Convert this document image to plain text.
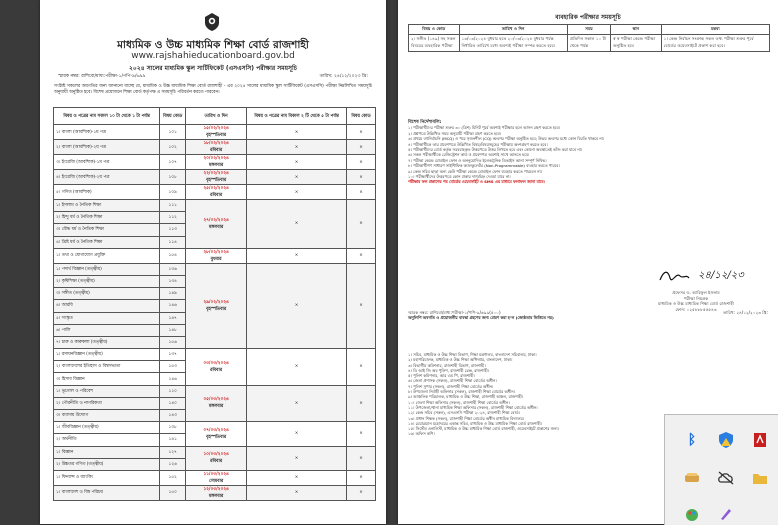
মাধ্যমিক ও উচ্চ মাধ্যমিক শিক্ষা বোর্ড রাজশাহী
www.rajshahieducationboard.gov.bd
২০২৪ সালের মাধ্যমিক স্কুল সার্টিফিকেট (এসএসসি) পরীক্ষার সময়সূচি
স্মারক নম্বর: রাশিবো/মাধ্য:পরীক্ষা-১/পপি-৯/৬৯৯	তারিখ: ২৪/১২/২০২৩ খ্রি:
সংশ্লিষ্ট সকলের অবগতির জন্য জানানো যাচ্ছে যে, মাধ্যমিক ও উচ্চ মাধ্যমিক শিক্ষা বোর্ড রাজশাহী - এর ২০২৪ সালের মাধ্যমিক স্কুল সার্টিফিকেট (এসএসসি) পরীক্ষা নিম্নলিখিত সময়সূচি অনুযায়ী অনুষ্ঠিত হবে। বিশেষ প্রয়োজনে শিক্ষা বোর্ড কর্তৃপক্ষ এ সময়সূচি পরিবর্তন করতে পারবেন।
বিষয় ও পত্রের নাম সকাল ১০ টা থেকে ১ টা পর্যন্ত	বিষয় কোড	তারিখ ও দিন	বিষয় ও পত্রের নাম বিকাল ২ টি থেকে ৫ টা পর্যন্ত	বিষয় কোড
১। বাংলা (আবশ্যিক)-১ম পত্র	১০১	১৫/০২/২০২৪
বৃহস্পতিবার	×	×
২। বাংলা (আবশ্যিক)-২য় পত্র	১০২	১৮/০২/২০২৪
রবিবার	×	×
৩। ইংরেজি (আবশ্যিক)-১ম পত্র	১০৭	২০/০২/২০২৪
মঙ্গলবার	×	×
৪। ইংরেজি (আবশ্যিক)-২য় পত্র	১০৮	২২/০২/২০২৪
বৃহস্পতিবার	×	×
৫। গণিত (আবশ্যিক)	১০৯	২৫/০২/২০২৪
রবিবার	×	×
১। ইসলাম ও নৈতিক শিক্ষা	১১১	২৭/০২/২০২৪
মঙ্গলবার	×	×
২। হিন্দু ধর্ম ও নৈতিক শিক্ষা	১১২			
৩। বৌদ্ধ ধর্ম ও নৈতিক শিক্ষা	১১৩			
৪। খ্রিষ্ট ধর্ম ও নৈতিক শিক্ষা	১১৪			
১। তথ্য ও যোগাযোগ প্রযুক্তি	১৫৪	২৮/০২/২০২৪
বুধবার	×	×
১। পদার্থ বিজ্ঞান (তত্ত্বীয়)	১৩৬	২৯/০২/২০২৪
বৃহস্পতিবার	×	×
২। কৃষিশিক্ষা (তত্ত্বীয়)	১৩৪			
৩। সঙ্গীত (তত্ত্বীয়)	১৪৯			
৪। আরবি	১৪৬			
৫। সংস্কৃত	১৪৭			
৬। পালি	১৪৮			
৭। চারু ও কারুকলা (তত্ত্বীয়)	১৫৬			
১। রসায়নবিজ্ঞান (তত্ত্বীয়)	১৩৭	০৩/০৩/২০২৪
রবিবার	×	×
২। বাংলাদেশের ইতিহাস ও বিশ্বসভ্যতা	১৫৩			
৩। হিসাব বিজ্ঞান	১৪৬			
১। ভূগোল ও পরিবেশ	১১০	০৫/০৩/২০২৪
মঙ্গলবার	×	×
২। পৌরনীতি ও নাগরিকতা	১৪০			
৩। ব্যবসায় উদ্যোগ	১৪৩			
১। জীববিজ্ঞান (তত্ত্বীয়)	১৩৮	০৭/০৩/২০২৪
বৃহস্পতিবার	×	×
২। অর্থনীতি	১৪১			
১। বিজ্ঞান	১২৭	১০/০৩/২০২৪
রবিবার	×	×
২। উচ্চতর গণিত (তত্ত্বীয়)	১২৬			
১। ফিন্যান্স ও ব্যাংকিং	১৫২	১১/০৩/২০২৪
সোমবার	×	×
১। বাংলাদেশ ও বিশ্ব পরিচয়	১৫০	১২/০৩/২০২৪
মঙ্গলবার	×	×
ব্যবহারিক পরীক্ষার সময়সূচি
বিষয় ও কোড	তারিখ ও দিন	সময়	স্থান	মন্তব্য
২। সঙ্গীত (১৪৯) সহ সকল বিষয়ের ব্যবহারিক পরীক্ষা	১৩/০৩/২০২৪ বুধবার হতে ২০/০৩/২০২৪ বুধবার পর্যন্ত নির্ধারিত তারিখে মধ্যে অবশ্যই পরীক্ষা সম্পন্ন করতে হবে।	প্রতিদিন সকাল ১০ টা থেকে পর্যন্ত	স্ব স্ব পরীক্ষা কেন্দ্রে পরীক্ষা অনুষ্ঠিত হবে	১। কেন্দ্র নির্বাচন সংক্রান্ত সকল তথ্য পরীক্ষা শুরুর পূর্বে বোর্ডের ওয়েবসাইটে প্রকাশ করা হবে।
বিশেষ নির্দেশাবলি:
১। পরীক্ষার্থীদের পরীক্ষা শুরুর ৩০ (ত্রিশ) মিনিট পূর্বে অবশ্যই পরীক্ষার হলে আসন গ্রহণ করতে হবে।
২। প্রশ্নপত্রে উল্লিখিত সময় অনুযায়ী পরীক্ষা গ্রহণ করতে হবে।
৩। প্রথমে বহুনির্বাচনি (MCQ) ও পরে সৃজনশীল (CQ) অংশের পরীক্ষা অনুষ্ঠিত হবে; উভয় অংশের মধ্যে কোন বিরতি থাকবে না।
৪। পরীক্ষার্থীকে তার প্রবেশপত্রে উল্লিখিত বিষয়/বিষয়সমূহের পরীক্ষায় অংশগ্রহণ করতে হবে।
৫। পরীক্ষার্থীদের বোর্ড কর্তৃক সরবরাহকৃত উত্তরপত্রে উত্তর লিখতে হবে এবং কোনো অবস্থাতেই ভাঁজ করা যাবে না।
৬। সকল পরীক্ষার্থীকে রেজিস্ট্রেশন কার্ড ও প্রবেশপত্র অবশ্যই সাথে আনতে হবে।
৭। পরীক্ষা কেন্দ্রে মোবাইল ফোন ও অননুমোদিত ইলেকট্রনিক ডিভাইস আনা সম্পূর্ণ নিষিদ্ধ।
৮। পরীক্ষার্থীগণ সাধারণ সাইন্টিফিক ক্যালকুলেটর (Non-Programmable) ব্যবহার করতে পারবে।
৯। কেন্দ্র সচিব ছাড়া অন্য কেউ পরীক্ষা কেন্দ্রে মোবাইল ফোন ব্যবহার করতে পারবেন না।
১০। পরীক্ষার্থীদের উত্তরপত্রে কোন প্রকার দাগ/চিহ্ন দেওয়া যাবে না।
পরীক্ষার ফল প্রকাশের পর বোর্ডের ওয়েবসাইট ও SMS এর মাধ্যমে ফলাফল জানা যাবে।
২৪/১২/২৩
প্রফেসর ড. আরিফুল ইসলাম
পরীক্ষা নিয়ন্ত্রক
মাধ্যমিক ও উচ্চ মাধ্যমিক শিক্ষা বোর্ড রাজশাহী
ফোন: ০২৫৮৮৮৫৫৫৪৩
স্মারক নম্বর: রাশিবো/মাধ্য:পরীক্ষা-১/পপি-৯/৬৯৯(৫০০)	তারিখ: ২৪/১২/২০২৩ খ্রি:
অনুলিপি অবগতি ও প্রয়োজনীয় ব্যবস্থা গ্রহণের জন্য প্রেরণ করা হ’ল (জ্যেষ্ঠতার ভিত্তিতে নয়)
১। সচিব, মাধ্যমিক ও উচ্চ শিক্ষা বিভাগ, শিক্ষা মন্ত্রণালয়, বাংলাদেশ সচিবালয়, ঢাকা।
২। মহাপরিচালক, মাধ্যমিক ও উচ্চ শিক্ষা অধিদপ্তর, বাংলাদেশ, ঢাকা।
৩। বিভাগীয় কমিশনার, রাজশাহী বিভাগ, রাজশাহী।
৪। ডি আই জি অব পুলিশ, রাজশাহী রেঞ্জ, রাজশাহী।
৫। পুলিশ কমিশনার, আর এম পি, রাজশাহী।
৬। জেলা প্রশাসক (সকল), রাজশাহী শিক্ষা বোর্ডের অধীন।
৭। পুলিশ সুপার (সকল), রাজশাহী শিক্ষা বোর্ডের অধীন।
৮। উপজেলা নির্বাহী অফিসার (সকল), রাজশাহী শিক্ষা বোর্ডের অধীন।
৯। আঞ্চলিক পরিচালক, মাধ্যমিক ও উচ্চ শিক্ষা, রাজশাহী অঞ্চল, রাজশাহী।
১০। জেলা শিক্ষা অফিসার (সকল), রাজশাহী শিক্ষা বোর্ডের অধীন।
১১। উপজেলা/থানা মাধ্যমিক শিক্ষা অফিসার (সকল), রাজশাহী শিক্ষা বোর্ডের অধীন।
১২। কেন্দ্র সচিব (সকল), এসএসসি পরীক্ষা ২০২৪, রাজশাহী শিক্ষা বোর্ড।
১৩। প্রধান শিক্ষক (সকল), রাজশাহী শিক্ষা বোর্ডের অধীন মাধ্যমিক বিদ্যালয়।
১৪। চেয়ারম্যান মহোদয়ের একান্ত সচিব, মাধ্যমিক ও উচ্চ মাধ্যমিক শিক্ষা বোর্ড রাজশাহী।
১৫। সিস্টেম এনালিস্ট, মাধ্যমিক ও উচ্চ মাধ্যমিক শিক্ষা বোর্ড রাজশাহী, ওয়েবসাইটে প্রকাশের জন্য।
১৬। অফিস কপি।	ᛒ
